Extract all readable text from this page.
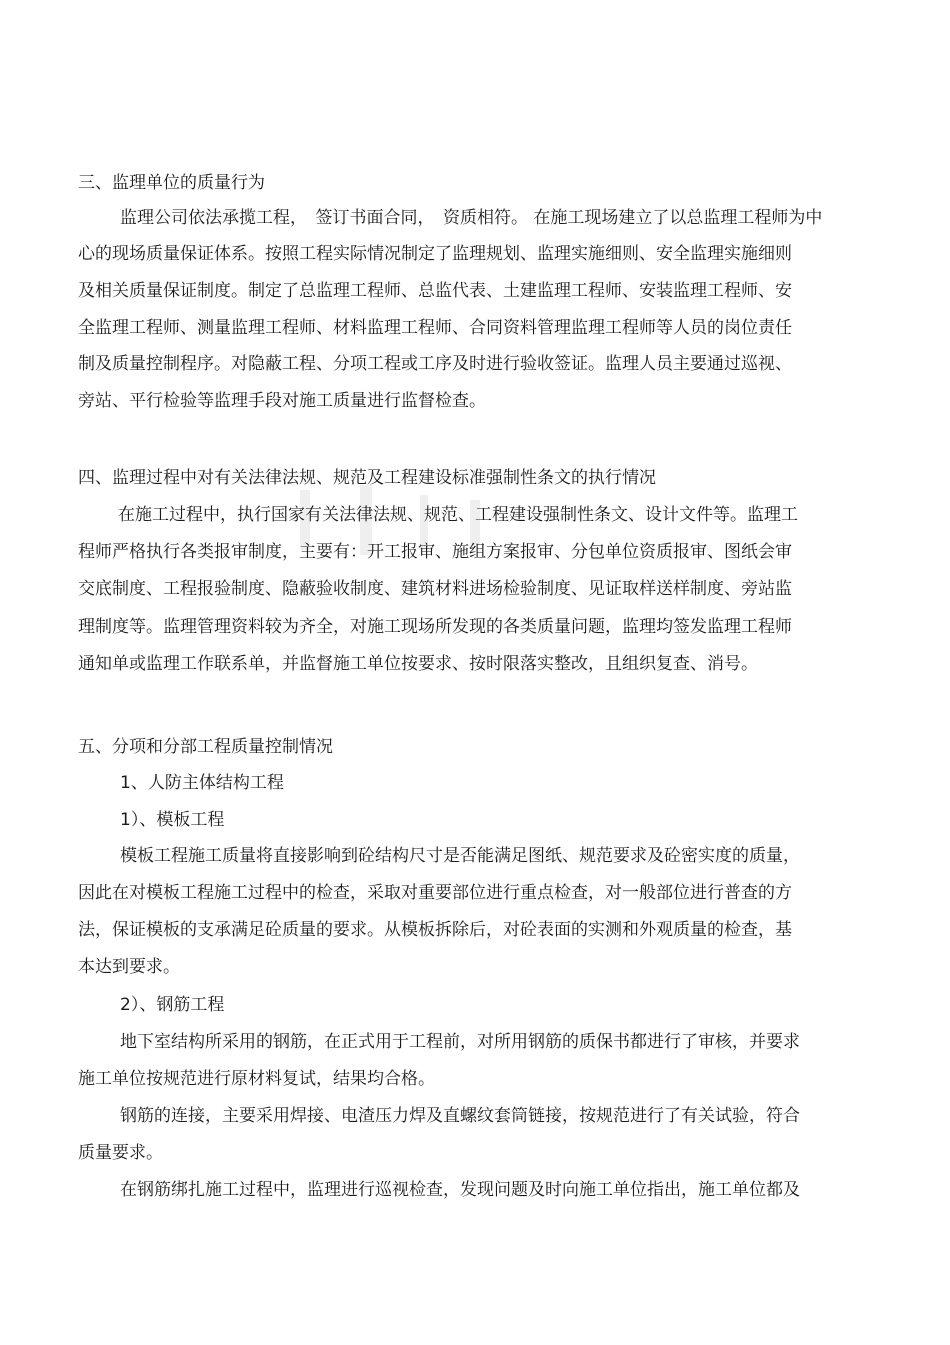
三、监理单位的质量行为
监理公司依法承揽工程，　签订书面合同，　资质相符。 在施工现场建立了以总监理工程师为中
心的现场质量保证体系。按照工程实际情况制定了监理规划、监理实施细则、安全监理实施细则
及相关质量保证制度。制定了总监理工程师、总监代表、土建监理工程师、安装监理工程师、安
全监理工程师、测量监理工程师、材料监理工程师、合同资料管理监理工程师等人员的岗位责任
制及质量控制程序。对隐蔽工程、分项工程或工序及时进行验收签证。监理人员主要通过巡视、
旁站、平行检验等监理手段对施工质量进行监督检查。
四、监理过程中对有关法律法规、规范及工程建设标准强制性条文的执行情况
在施工过程中，执行国家有关法律法规、规范、工程建设强制性条文、设计文件等。监理工
程师严格执行各类报审制度，主要有：开工报审、施组方案报审、分包单位资质报审、图纸会审
交底制度、工程报验制度、隐蔽验收制度、建筑材料进场检验制度、见证取样送样制度、旁站监
理制度等。监理管理资料较为齐全，对施工现场所发现的各类质量问题，监理均签发监理工程师
通知单或监理工作联系单，并监督施工单位按要求、按时限落实整改，且组织复查、消号。
五、分项和分部工程质量控制情况
1、人防主体结构工程
1）、模板工程
模板工程施工质量将直接影响到砼结构尺寸是否能满足图纸、规范要求及砼密实度的质量，
因此在对模板工程施工过程中的检查，采取对重要部位进行重点检查，对一般部位进行普查的方
法，保证模板的支承满足砼质量的要求。从模板拆除后，对砼表面的实测和外观质量的检查，基
本达到要求。
2）、钢筋工程
地下室结构所采用的钢筋，在正式用于工程前，对所用钢筋的质保书都进行了审核，并要求
施工单位按规范进行原材料复试，结果均合格。
钢筋的连接，主要采用焊接、电渣压力焊及直螺纹套筒链接，按规范进行了有关试验，符合
质量要求。
在钢筋绑扎施工过程中，监理进行巡视检查，发现问题及时向施工单位指出，施工单位都及
